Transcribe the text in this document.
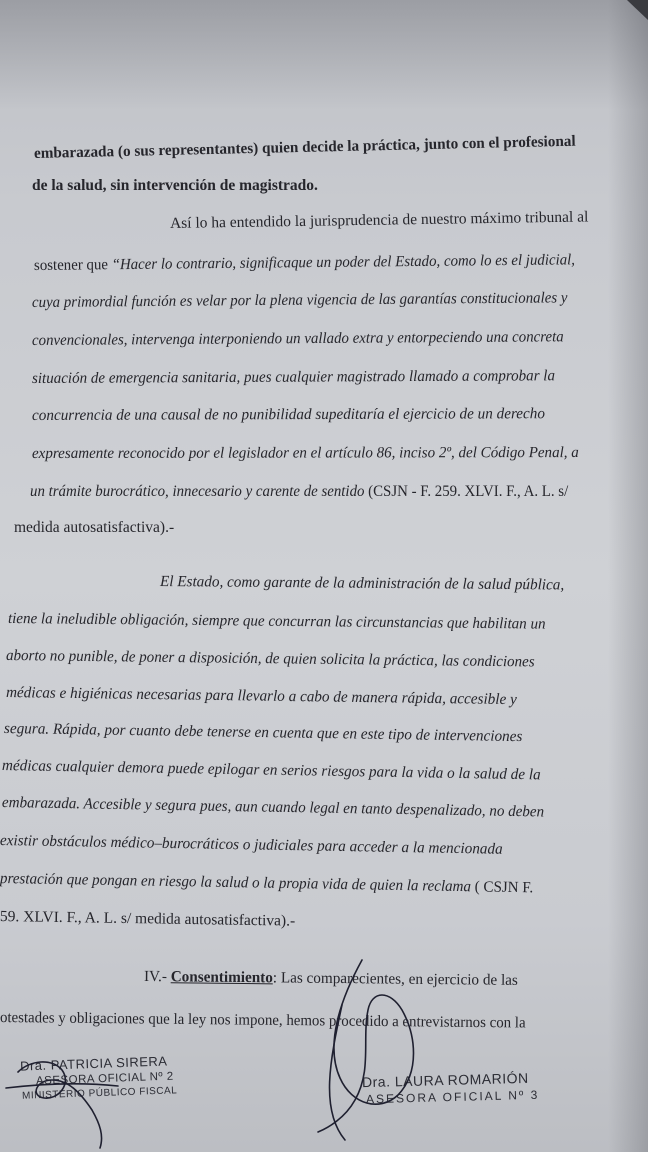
embarazada (o sus representantes) quien decide la práctica, junto con el profesional
de la salud, sin intervención de magistrado.
Así lo ha entendido la jurisprudencia de nuestro máximo tribunal al
sostener que “Hacer lo contrario, significaque un poder del Estado, como lo es el judicial,
cuya primordial función es velar por la plena vigencia de las garantías constitucionales y
convencionales, intervenga interponiendo un vallado extra y entorpeciendo una concreta
situación de emergencia sanitaria, pues cualquier magistrado llamado a comprobar la
concurrencia de una causal de no punibilidad supeditaría el ejercicio de un derecho
expresamente reconocido por el legislador en el artículo 86, inciso 2º, del Código Penal, a
un trámite burocrático, innecesario y carente de sentido (CSJN - F. 259. XLVI. F., A. L. s/
medida autosatisfactiva).-
El Estado, como garante de la administración de la salud pública,
tiene la ineludible obligación, siempre que concurran las circunstancias que habilitan un
aborto no punible, de poner a disposición, de quien solicita la práctica, las condiciones
médicas e higiénicas necesarias para llevarlo a cabo de manera rápida, accesible y
segura. Rápida, por cuanto debe tenerse en cuenta que en este tipo de intervenciones
médicas cualquier demora puede epilogar en serios riesgos para la vida o la salud de la
embarazada. Accesible y segura pues, aun cuando legal en tanto despenalizado, no deben
existir obstáculos médico–burocráticos o judiciales para acceder a la mencionada
prestación que pongan en riesgo la salud o la propia vida de quien la reclama ( CSJN F.
59. XLVI. F., A. L. s/ medida autosatisfactiva).-
IV.- Consentimiento: Las comparecientes, en ejercicio de las
otestades y obligaciones que la ley nos impone, hemos procedido a entrevistarnos con la
Dra. PATRICIA SIRERA
ASESORA OFICIAL Nº 2
MINISTERIO PÚBLICO FISCAL
Dra. LAURA ROMARIÓN
ASESORA OFICIAL Nº 3
